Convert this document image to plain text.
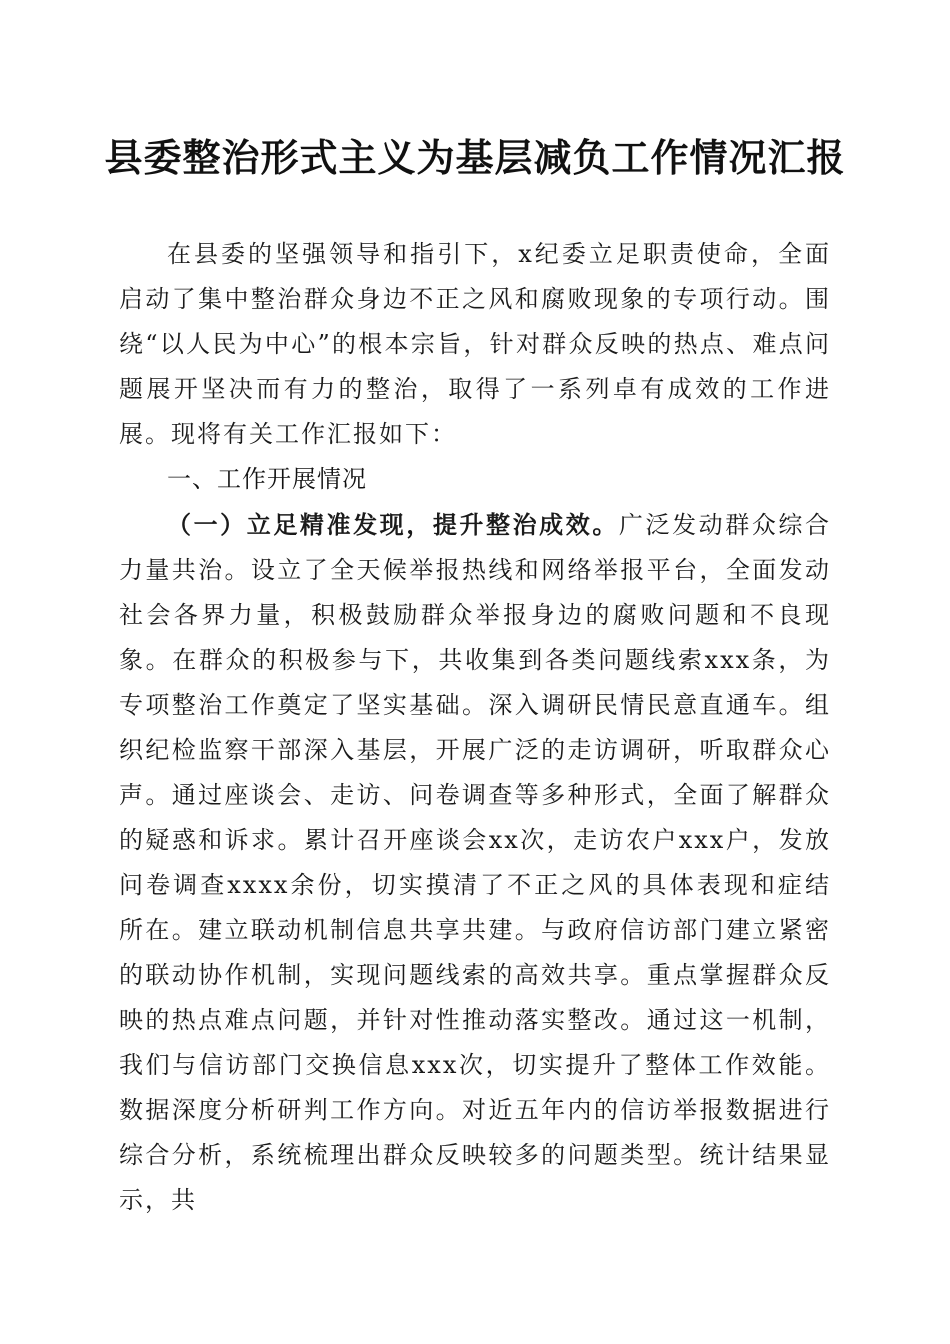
县委整治形式主义为基层减负工作情况汇报

在县委的坚强领导和指引下，x纪委立足职责使命，全面启动了集中整治群众身边不正之风和腐败现象的专项行动。围绕“以人民为中心”的根本宗旨，针对群众反映的热点、难点问题展开坚决而有力的整治，取得了一系列卓有成效的工作进展。现将有关工作汇报如下：

一、工作开展情况

（一）立足精准发现，提升整治成效。广泛发动群众综合力量共治。设立了全天候举报热线和网络举报平台，全面发动社会各界力量，积极鼓励群众举报身边的腐败问题和不良现象。在群众的积极参与下，共收集到各类问题线索xxx条，为专项整治工作奠定了坚实基础。深入调研民情民意直通车。组织纪检监察干部深入基层，开展广泛的走访调研，听取群众心声。通过座谈会、走访、问卷调查等多种形式，全面了解群众的疑惑和诉求。累计召开座谈会xx次，走访农户xxx户，发放问卷调查xxxx余份，切实摸清了不正之风的具体表现和症结所在。建立联动机制信息共享共建。与政府信访部门建立紧密的联动协作机制，实现问题线索的高效共享。重点掌握群众反映的热点难点问题，并针对性推动落实整改。通过这一机制，我们与信访部门交换信息xxx次，切实提升了整体工作效能。数据深度分析研判工作方向。对近五年内的信访举报数据进行综合分析，系统梳理出群众反映较多的问题类型。统计结果显示，共
